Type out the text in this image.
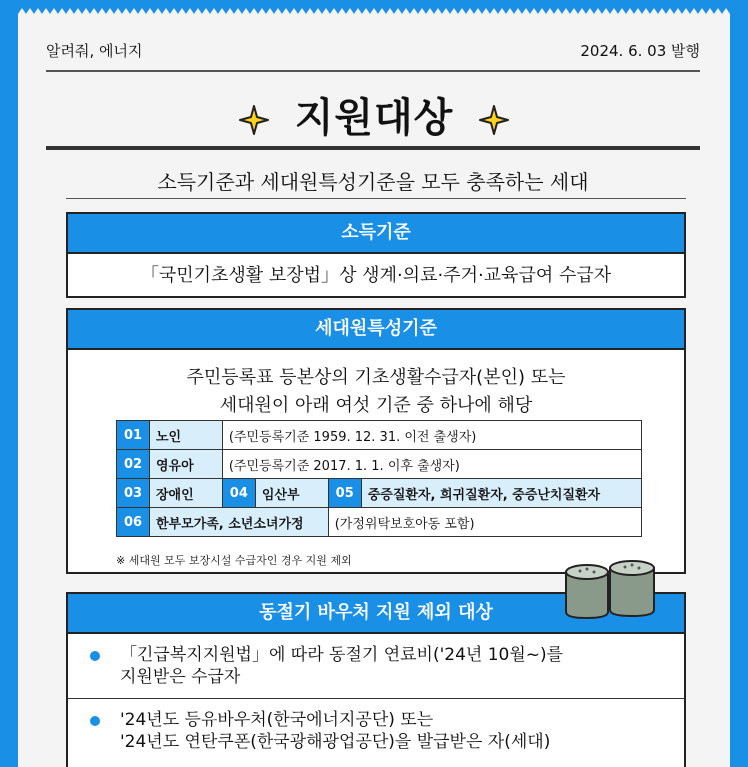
알려줘, 에너지	2024. 6. 03 발행
지원대상
소득기준과 세대원특성기준을 모두 충족하는 세대
소득기준
「국민기초생활 보장법」상 생계·의료·주거·교육급여 수급자
세대원특성기준
주민등록표 등본상의 기초생활수급자(본인) 또는
세대원이 아래 여섯 기준 중 하나에 해당
01	노인	(주민등록기준 1959. 12. 31. 이전 출생자)			
02	영유아	(주민등록기준 2017. 1. 1. 이후 출생자)			
03	장애인	04	임산부	05	중증질환자, 희귀질환자, 중증난치질환자
06	한부모가족, 소년소녀가정			(가정위탁보호아동 포함)	
※ 세대원 모두 보장시설 수급자인 경우 지원 제외
동절기 바우처 지원 제외 대상
「긴급복지지원법」에 따라 동절기 연료비('24년 10월~)를
지원받은 수급자
'24년도 등유바우처(한국에너지공단) 또는
'24년도 연탄쿠폰(한국광해광업공단)을 발급받은 자(세대)
